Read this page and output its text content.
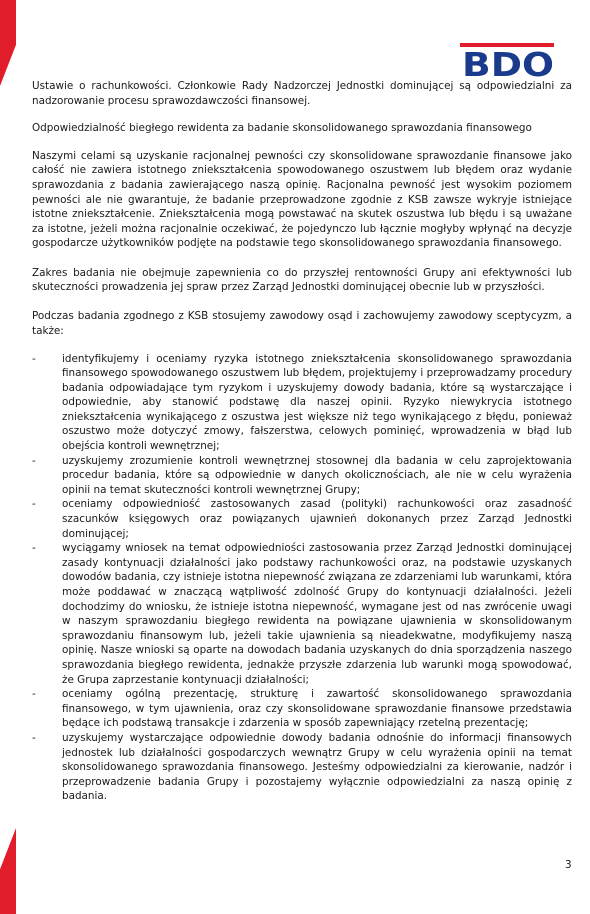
BDO

Ustawie o rachunkowości. Członkowie Rady Nadzorczej Jednostki dominującej są odpowiedzialni za nadzorowanie procesu sprawozdawczości finansowej.

Odpowiedzialność biegłego rewidenta za badanie skonsolidowanego sprawozdania finansowego

Naszymi celami są uzyskanie racjonalnej pewności czy skonsolidowane sprawozdanie finansowe jako całość nie zawiera istotnego zniekształcenia spowodowanego oszustwem lub błędem oraz wydanie sprawozdania z badania zawierającego naszą opinię. Racjonalna pewność jest wysokim poziomem pewności ale nie gwarantuje, że badanie przeprowadzone zgodnie z KSB zawsze wykryje istniejące istotne zniekształcenie. Zniekształcenia mogą powstawać na skutek oszustwa lub błędu i są uważane za istotne, jeżeli można racjonalnie oczekiwać, że pojedynczo lub łącznie mogłyby wpłynąć na decyzje gospodarcze użytkowników podjęte na podstawie tego skonsolidowanego sprawozdania finansowego.

Zakres badania nie obejmuje zapewnienia co do przyszłej rentowności Grupy ani efektywności lub skuteczności prowadzenia jej spraw przez Zarząd Jednostki dominującej obecnie lub w przyszłości.

Podczas badania zgodnego z KSB stosujemy zawodowy osąd i zachowujemy zawodowy sceptycyzm, a także:

-	identyfikujemy i oceniamy ryzyka istotnego zniekształcenia skonsolidowanego sprawozdania finansowego spowodowanego oszustwem lub błędem, projektujemy i przeprowadzamy procedury badania odpowiadające tym ryzykom i uzyskujemy dowody badania, które są wystarczające i odpowiednie, aby stanowić podstawę dla naszej opinii. Ryzyko niewykrycia istotnego zniekształcenia wynikającego z oszustwa jest większe niż tego wynikającego z błędu, ponieważ oszustwo może dotyczyć zmowy, fałszerstwa, celowych pominięć, wprowadzenia w błąd lub obejścia kontroli wewnętrznej;
-	uzyskujemy zrozumienie kontroli wewnętrznej stosownej dla badania w celu zaprojektowania procedur badania, które są odpowiednie w danych okolicznościach, ale nie w celu wyrażenia opinii na temat skuteczności kontroli wewnętrznej Grupy;
-	oceniamy odpowiedniość zastosowanych zasad (polityki) rachunkowości oraz zasadność szacunków księgowych oraz powiązanych ujawnień dokonanych przez Zarząd Jednostki dominującej;
-	wyciągamy wniosek na temat odpowiedniości zastosowania przez Zarząd Jednostki dominującej zasady kontynuacji działalności jako podstawy rachunkowości oraz, na podstawie uzyskanych dowodów badania, czy istnieje istotna niepewność związana ze zdarzeniami lub warunkami, która może poddawać w znaczącą wątpliwość zdolność Grupy do kontynuacji działalności. Jeżeli dochodzimy do wniosku, że istnieje istotna niepewność, wymagane jest od nas zwrócenie uwagi w naszym sprawozdaniu biegłego rewidenta na powiązane ujawnienia w skonsolidowanym sprawozdaniu finansowym lub, jeżeli takie ujawnienia są nieadekwatne, modyfikujemy naszą opinię. Nasze wnioski są oparte na dowodach badania uzyskanych do dnia sporządzenia naszego sprawozdania biegłego rewidenta, jednakże przyszłe zdarzenia lub warunki mogą spowodować, że Grupa zaprzestanie kontynuacji działalności;
-	oceniamy ogólną prezentację, strukturę i zawartość skonsolidowanego sprawozdania finansowego, w tym ujawnienia, oraz czy skonsolidowane sprawozdanie finansowe przedstawia będące ich podstawą transakcje i zdarzenia w sposób zapewniający rzetelną prezentację;
-	uzyskujemy wystarczające odpowiednie dowody badania odnośnie do informacji finansowych jednostek lub działalności gospodarczych wewnątrz Grupy w celu wyrażenia opinii na temat skonsolidowanego sprawozdania finansowego. Jesteśmy odpowiedzialni za kierowanie, nadzór i przeprowadzenie badania Grupy i pozostajemy wyłącznie odpowiedzialni za naszą opinię z badania.
3
